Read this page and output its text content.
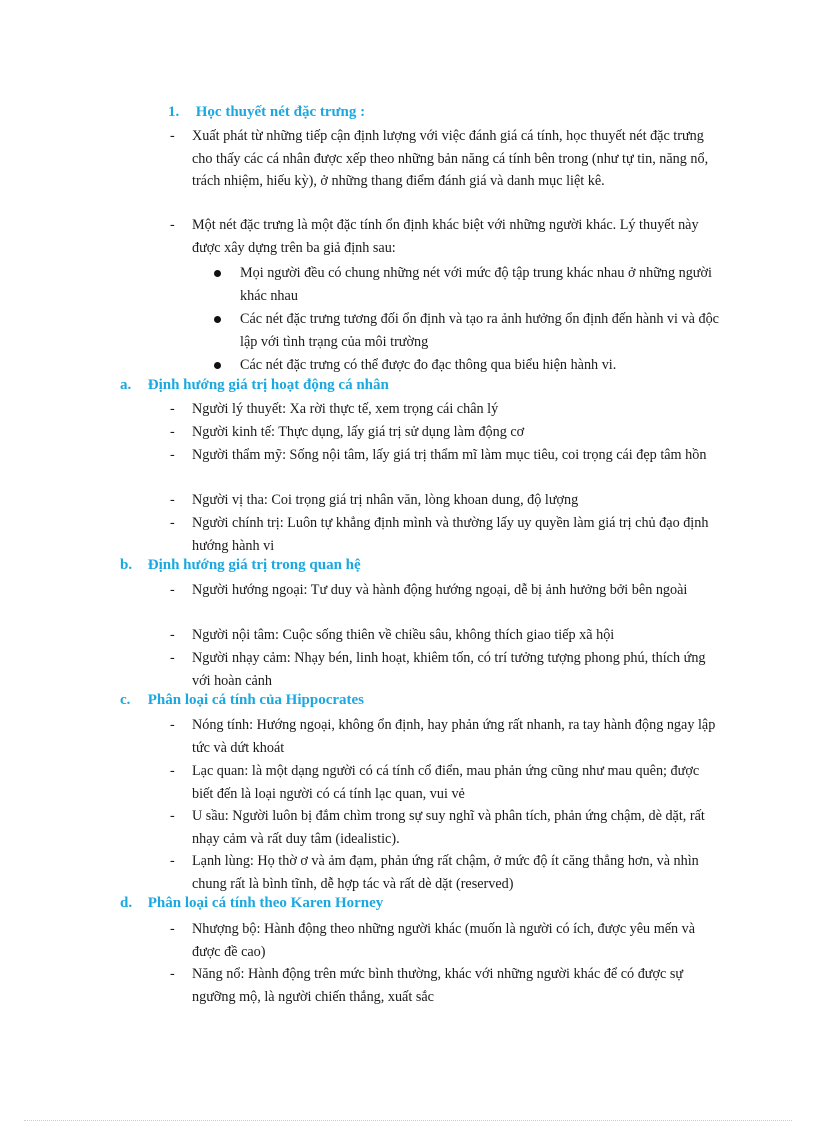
1. Học thuyết nét đặc trưng :
- Xuất phát từ những tiếp cận định lượng với việc đánh giá cá tính, học thuyết nét đặc trưng cho thấy các cá nhân được xếp theo những bản năng cá tính bên trong (như tự tin, năng nổ, trách nhiệm, hiếu kỳ), ở những thang điểm đánh giá và danh mục liệt kê.
- Một nét đặc trưng là một đặc tính ổn định khác biệt với những người khác. Lý thuyết này được xây dựng trên ba giả định sau:
Mọi người đều có chung những nét với mức độ tập trung khác nhau ở những người khác nhau
Các nét đặc trưng tương đối ổn định và tạo ra ảnh hưởng ổn định đến hành vi và độc lập với tình trạng của môi trường
Các nét đặc trưng có thể được đo đạc thông qua biểu hiện hành vi.
a. Định hướng giá trị hoạt động cá nhân
- Người lý thuyết: Xa rời thực tế, xem trọng cái chân lý
- Người kinh tế: Thực dụng, lấy giá trị sử dụng làm động cơ
- Người thẩm mỹ: Sống nội tâm, lấy giá trị thẩm mĩ làm mục tiêu, coi trọng cái đẹp tâm hồn
- Người vị tha: Coi trọng giá trị nhân văn, lòng khoan dung, độ lượng
- Người chính trị: Luôn tự khẳng định mình và thường lấy uy quyền làm giá trị chủ đạo định hướng hành vi
b. Định hướng giá trị trong quan hệ
- Người hướng ngoại: Tư duy và hành động hướng ngoại, dễ bị ảnh hưởng bởi bên ngoài
- Người nội tâm: Cuộc sống thiên về chiều sâu, không thích giao tiếp xã hội
- Người nhạy cảm: Nhạy bén, linh hoạt, khiêm tốn, có trí tưởng tượng phong phú, thích ứng với hoàn cảnh
c. Phân loại cá tính của Hippocrates
- Nóng tính: Hướng ngoại, không ổn định, hay phản ứng rất nhanh, ra tay hành động ngay lập tức và dứt khoát
- Lạc quan: là một dạng người có cá tính cổ điển, mau phản ứng cũng như mau quên; được biết đến là loại người có cá tính lạc quan, vui vẻ
- U sầu: Người luôn bị đắm chìm trong sự suy nghĩ và phân tích, phản ứng chậm, dè dặt, rất nhạy cảm và rất duy tâm (idealistic).
- Lạnh lùng: Họ thờ ơ và ảm đạm, phản ứng rất chậm, ở mức độ ít căng thẳng hơn, và nhìn chung rất là bình tĩnh, dễ hợp tác và rất dè dặt (reserved)
d. Phân loại cá tính theo Karen Horney
- Nhượng bộ: Hành động theo những người khác (muốn là người có ích, được yêu mến và được đề cao)
- Năng nổ: Hành động trên mức bình thường, khác với những người khác để có được sự ngưỡng mộ, là người chiến thắng, xuất sắc
